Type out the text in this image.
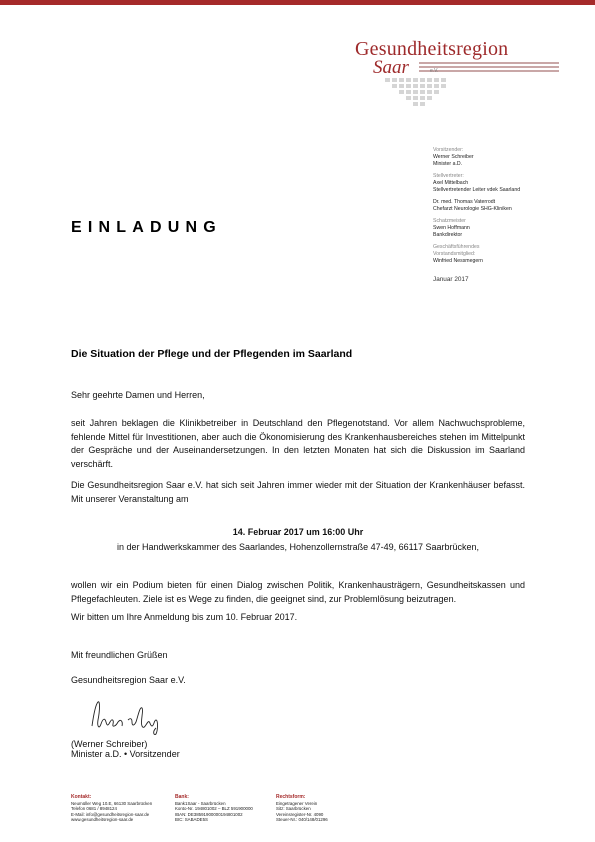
Gesundheitsregion
Saar	e.V.
Vorsitzender:
Werner Schreiber
Minister a.D.
Stellvertreter:
Axel Mittelbach
Stellvertretender Leiter vdek Saarland
Dr. med. Thomas Vaterrodt
Chefarzt Neurologie SHG-Kliniken
Schatzmeister
Swen Hoffmann
Bankdirektor
Geschäftsführendes
Vorstandsmitglied:
Winfried Nessmegern
Januar 2017
EINLADUNG
Die Situation der Pflege und der Pflegenden im Saarland
Sehr geehrte Damen und Herren,
seit Jahren beklagen die Klinikbetreiber in Deutschland den Pflegenotstand. Vor allem Nachwuchsprobleme, fehlende Mittel für Investitionen, aber auch die Ökonomisierung des Krankenhausbereiches stehen im Mittelpunkt der Gespräche und der Auseinandersetzungen. In den letzten Monaten hat sich die Diskussion im Saarland verschärft.
Die Gesundheitsregion Saar e.V. hat sich seit Jahren immer wieder mit der Situation der Krankenhäuser befasst. Mit unserer Veranstaltung am
14. Februar 2017 um 16:00 Uhr
in der Handwerkskammer des Saarlandes, Hohenzollernstraße 47-49, 66117 Saarbrücken,
wollen wir ein Podium bieten für einen Dialog zwischen Politik, Krankenhausträgern, Gesundheitskassen und Pflegefachleuten. Ziele ist es Wege zu finden, die geeignet sind, zur Problemlösung beizutragen.
Wir bitten um Ihre Anmeldung bis zum 10. Februar 2017.
Mit freundlichen Grüßen
Gesundheitsregion Saar e.V.
(Werner Schreiber)
Minister a.D. • Vorsitzender
Kontakt:
Neumüller Weg 10.E, 66130 Saarbrücken
Telefon 0681 / 8948124
E-Mail: info@gesundheitsregion-saar.de
www.gesundheitsregion-saar.de
Bank:
Bank1Saar - Saarbrücken
Konto-Nr. 194801002 – BLZ 591900000
IBAN: DE38591900000194801002
BIC: SABADE5S
Rechtsform:
Eingetragener Verein
Sitz: Saarbrücken
Vereinsregister-Nr. 4090
Steuer-Nr.: 040/148/01296
